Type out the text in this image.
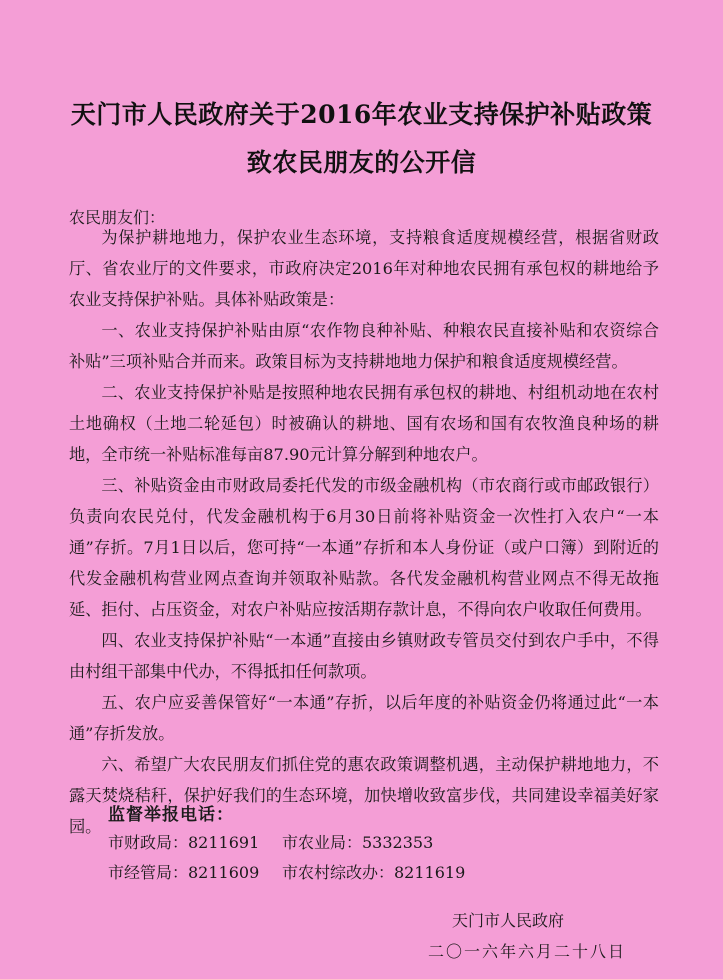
天门市人民政府关于2016年农业支持保护补贴政策
致农民朋友的公开信
农民朋友们：

为保护耕地地力，保护农业生态环境，支持粮食适度规模经营，根据省财政厅、省农业厅的文件要求，市政府决定2016年对种地农民拥有承包权的耕地给予农业支持保护补贴。具体补贴政策是：

一、农业支持保护补贴由原“农作物良种补贴、种粮农民直接补贴和农资综合补贴”三项补贴合并而来。政策目标为支持耕地地力保护和粮食适度规模经营。

二、农业支持保护补贴是按照种地农民拥有承包权的耕地、村组机动地在农村土地确权（土地二轮延包）时被确认的耕地、国有农场和国有农牧渔良种场的耕地，全市统一补贴标准每亩87.90元计算分解到种地农户。

三、补贴资金由市财政局委托代发的市级金融机构（市农商行或市邮政银行）负责向农民兑付，代发金融机构于6月30日前将补贴资金一次性打入农户“一本通”存折。7月1日以后，您可持“一本通”存折和本人身份证（或户口簿）到附近的代发金融机构营业网点查询并领取补贴款。各代发金融机构营业网点不得无故拖延、拒付、占压资金，对农户补贴应按活期存款计息，不得向农户收取任何费用。

四、农业支持保护补贴“一本通”直接由乡镇财政专管员交付到农户手中，不得由村组干部集中代办，不得抵扣任何款项。

五、农户应妥善保管好“一本通”存折，以后年度的补贴资金仍将通过此“一本通”存折发放。

六、希望广大农民朋友们抓住党的惠农政策调整机遇，主动保护耕地地力，不露天焚烧秸秆，保护好我们的生态环境，加快增收致富步伐，共同建设幸福美好家园。

监督举报电话：
市财政局：8211691 市农业局：5332353
市经管局：8211609 市农村综改办：8211619
天门市人民政府
二〇一六年六月二十八日
